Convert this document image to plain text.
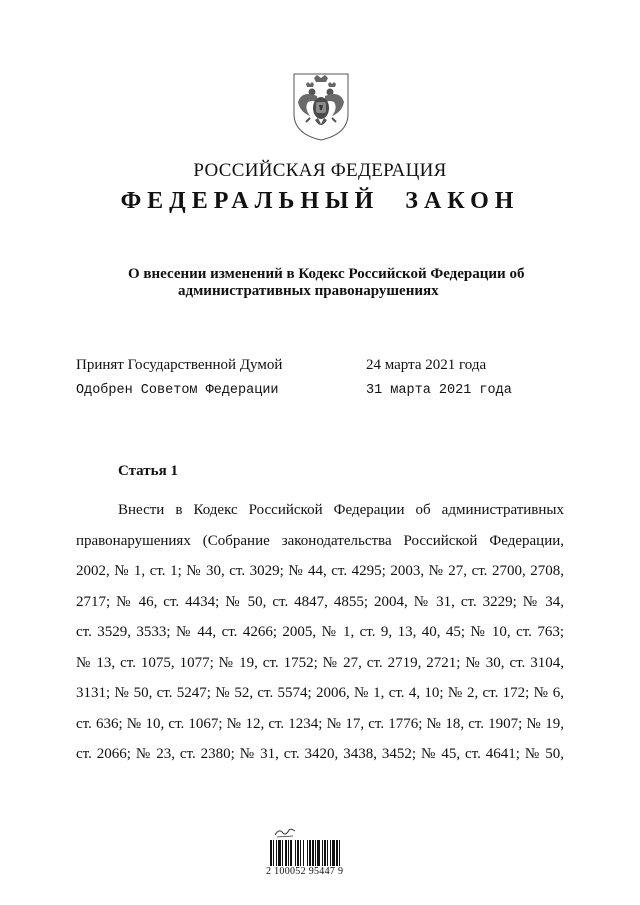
РОССИЙСКАЯ ФЕДЕРАЦИЯ
ФЕДЕРАЛЬНЫЙ ЗАКОН
О внесении изменений в Кодекс Российской Федерации об
административных правонарушениях
Принят Государственной Думой	24 марта 2021 года
Одобрен Советом Федерации	31 марта 2021 года
Статья 1
Внести в Кодекс Российской Федерации об административных
правонарушениях (Собрание законодательства Российской Федерации,
2002, № 1, ст. 1; № 30, ст. 3029; № 44, ст. 4295; 2003, № 27, ст. 2700, 2708,
2717; № 46, ст. 4434; № 50, ст. 4847, 4855; 2004, № 31, ст. 3229; № 34,
ст. 3529, 3533; № 44, ст. 4266; 2005, № 1, ст. 9, 13, 40, 45; № 10, ст. 763;
№ 13, ст. 1075, 1077; № 19, ст. 1752; № 27, ст. 2719, 2721; № 30, ст. 3104,
3131; № 50, ст. 5247; № 52, ст. 5574; 2006, № 1, ст. 4, 10; № 2, ст. 172; № 6,
ст. 636; № 10, ст. 1067; № 12, ст. 1234; № 17, ст. 1776; № 18, ст. 1907; № 19,
ст. 2066; № 23, ст. 2380; № 31, ст. 3420, 3438, 3452; № 45, ст. 4641; № 50,
2 100052 95447 9
